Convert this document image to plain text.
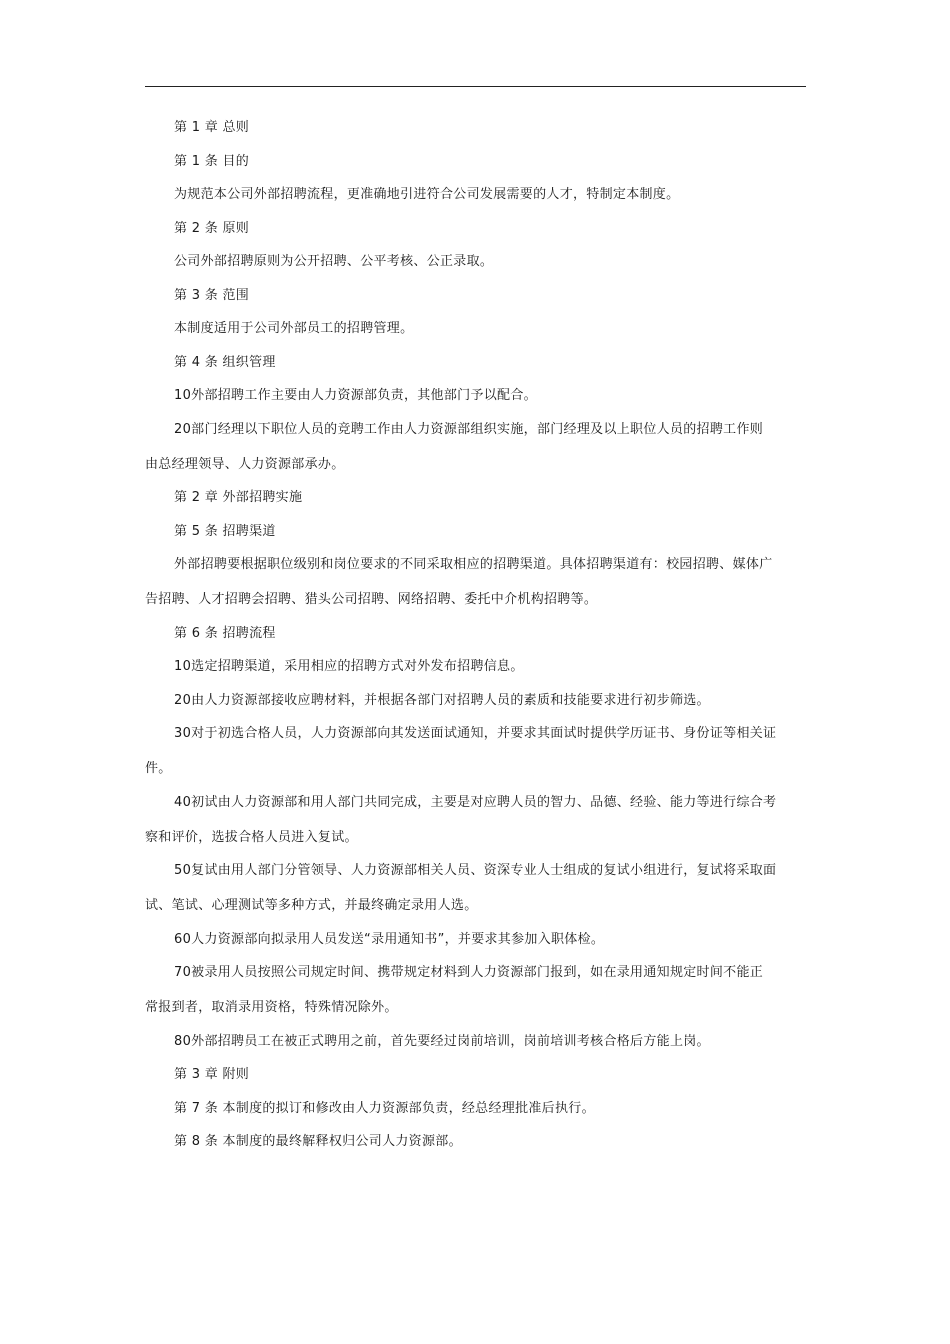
第 1 章 总则
第 1 条 目的
为规范本公司外部招聘流程，更准确地引进符合公司发展需要的人才，特制定本制度。
第 2 条 原则
公司外部招聘原则为公开招聘、公平考核、公正录取。
第 3 条 范围
本制度适用于公司外部员工的招聘管理。
第 4 条 组织管理
10外部招聘工作主要由人力资源部负责，其他部门予以配合。
20部门经理以下职位人员的竞聘工作由人力资源部组织实施，部门经理及以上职位人员的招聘工作则
由总经理领导、人力资源部承办。
第 2 章 外部招聘实施
第 5 条 招聘渠道
外部招聘要根据职位级别和岗位要求的不同采取相应的招聘渠道。具体招聘渠道有：校园招聘、媒体广
告招聘、人才招聘会招聘、猎头公司招聘、网络招聘、委托中介机构招聘等。
第 6 条 招聘流程
10选定招聘渠道，采用相应的招聘方式对外发布招聘信息。
20由人力资源部接收应聘材料，并根据各部门对招聘人员的素质和技能要求进行初步筛选。
30对于初选合格人员，人力资源部向其发送面试通知，并要求其面试时提供学历证书、身份证等相关证
件。
40初试由人力资源部和用人部门共同完成，主要是对应聘人员的智力、品德、经验、能力等进行综合考
察和评价，选拔合格人员进入复试。
50复试由用人部门分管领导、人力资源部相关人员、资深专业人士组成的复试小组进行，复试将采取面
试、笔试、心理测试等多种方式，并最终确定录用人选。
60人力资源部向拟录用人员发送“录用通知书”，并要求其参加入职体检。
70被录用人员按照公司规定时间、携带规定材料到人力资源部门报到，如在录用通知规定时间不能正
常报到者，取消录用资格，特殊情况除外。
80外部招聘员工在被正式聘用之前，首先要经过岗前培训，岗前培训考核合格后方能上岗。
第 3 章 附则
第 7 条 本制度的拟订和修改由人力资源部负责，经总经理批准后执行。
第 8 条 本制度的最终解释权归公司人力资源部。
